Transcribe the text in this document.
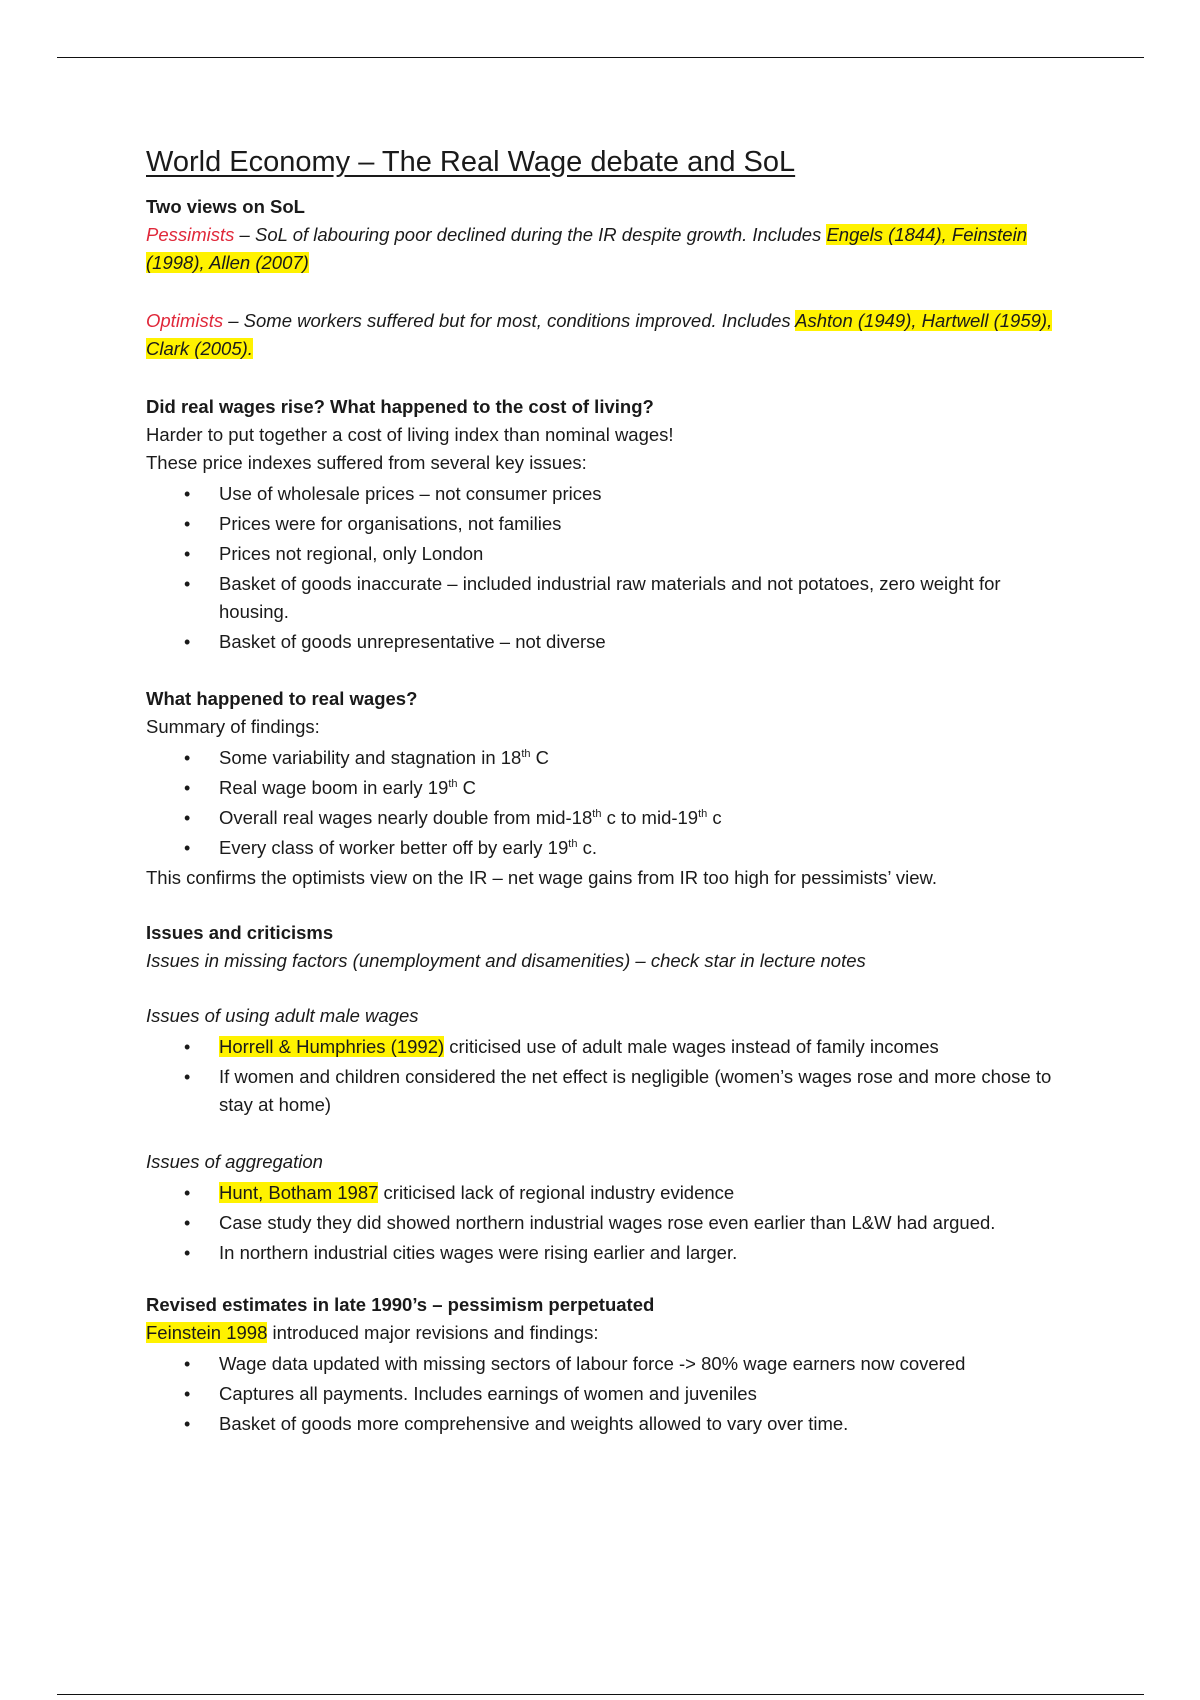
World Economy – The Real Wage debate and SoL

Two views on SoL

Pessimists – SoL of labouring poor declined during the IR despite growth. Includes Engels (1844), Feinstein (1998), Allen (2007)

Optimists – Some workers suffered but for most, conditions improved. Includes Ashton (1949), Hartwell (1959), Clark (2005).

Did real wages rise? What happened to the cost of living?

Harder to put together a cost of living index than nominal wages!

These price indexes suffered from several key issues:

• Use of wholesale prices – not consumer prices
• Prices were for organisations, not families
• Prices not regional, only London
• Basket of goods inaccurate – included industrial raw materials and not potatoes, zero weight for housing.
• Basket of goods unrepresentative – not diverse

What happened to real wages?

Summary of findings:

• Some variability and stagnation in 18th C
• Real wage boom in early 19th C
• Overall real wages nearly double from mid-18th c to mid-19th c
• Every class of worker better off by early 19th c.

This confirms the optimists view on the IR – net wage gains from IR too high for pessimists’ view.

Issues and criticisms

Issues in missing factors (unemployment and disamenities) – check star in lecture notes

Issues of using adult male wages

• Horrell & Humphries (1992) criticised use of adult male wages instead of family incomes
• If women and children considered the net effect is negligible (women’s wages rose and more chose to stay at home)

Issues of aggregation

• Hunt, Botham 1987 criticised lack of regional industry evidence
• Case study they did showed northern industrial wages rose even earlier than L&W had argued.
• In northern industrial cities wages were rising earlier and larger.

Revised estimates in late 1990’s – pessimism perpetuated

Feinstein 1998 introduced major revisions and findings:

• Wage data updated with missing sectors of labour force -> 80% wage earners now covered
• Captures all payments. Includes earnings of women and juveniles
• Basket of goods more comprehensive and weights allowed to vary over time.
